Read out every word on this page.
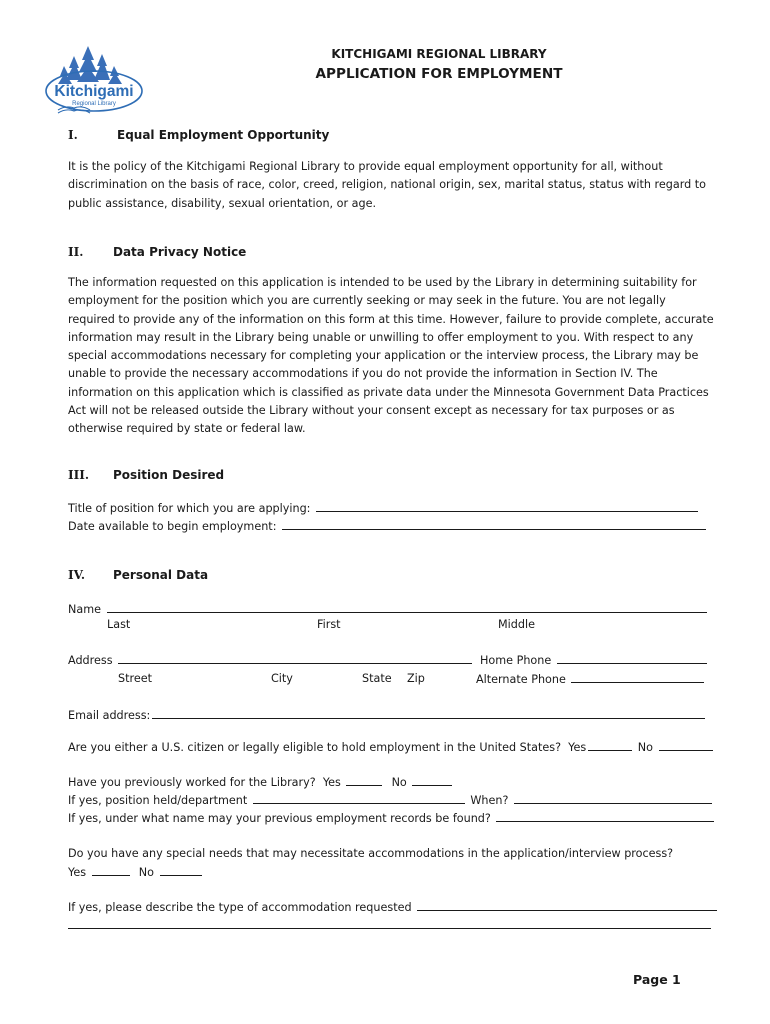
Kitchigami
Regional Library
KITCHIGAMI REGIONAL LIBRARY
APPLICATION FOR EMPLOYMENT
I.	Equal Employment Opportunity

It is the policy of the Kitchigami Regional Library to provide equal employment opportunity for all, without discrimination on the basis of race, color, creed, religion, national origin, sex, marital status, status with regard to public assistance, disability, sexual orientation, or age.

II. Data Privacy Notice

The information requested on this application is intended to be used by the Library in determining suitability for employment for the position which you are currently seeking or may seek in the future. You are not legally required to provide any of the information on this form at this time. However, failure to provide complete, accurate information may result in the Library being unable or unwilling to offer employment to you. With respect to any special accommodations necessary for completing your application or the interview process, the Library may be unable to provide the necessary accommodations if you do not provide the information in Section IV. The information on this application which is classified as private data under the Minnesota Government Data Practices Act will not be released outside the Library without your consent except as necessary for tax purposes or as otherwise required by state or federal law.

III. Position Desired
Title of position for which you are applying:
Date available to begin employment:
IV. Personal Data
Name
Last	First	Middle
Address	Home Phone
Street	City	State Zip	Alternate Phone
Email address:
Are you either a U.S. citizen or legally eligible to hold employment in the United States? Yes	No
Have you previously worked for the Library? Yes	No
If yes, position held/department	When?
If yes, under what name may your previous employment records be found?
Do you have any special needs that may necessitate accommodations in the application/interview process?
Yes	No
If yes, please describe the type of accommodation requested
Page 1
